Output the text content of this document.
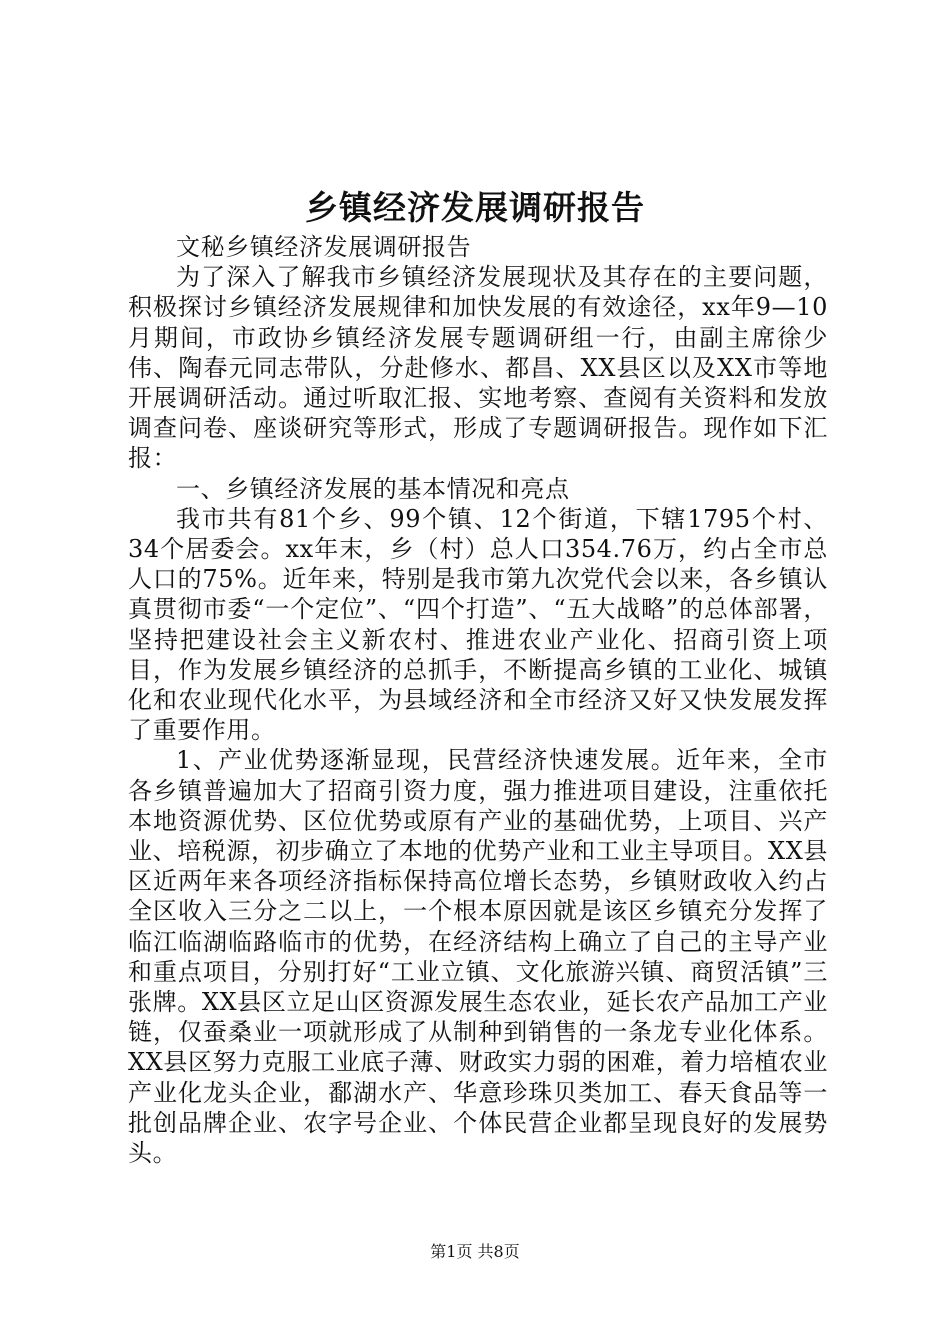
乡镇经济发展调研报告

文秘乡镇经济发展调研报告

为了深入了解我市乡镇经济发展现状及其存在的主要问题，积极探讨乡镇经济发展规律和加快发展的有效途径，xx年9—10月期间，市政协乡镇经济发展专题调研组一行，由副主席徐少伟、陶春元同志带队，分赴修水、都昌、XX县区以及XX市等地开展调研活动。通过听取汇报、实地考察、查阅有关资料和发放调查问卷、座谈研究等形式，形成了专题调研报告。现作如下汇报：

一、乡镇经济发展的基本情况和亮点

我市共有81个乡、99个镇、12个街道，下辖1795个村、34个居委会。xx年末，乡（村）总人口354.76万，约占全市总人口的75%。近年来，特别是我市第九次党代会以来，各乡镇认真贯彻市委“一个定位”、“四个打造”、“五大战略”的总体部署，坚持把建设社会主义新农村、推进农业产业化、招商引资上项目，作为发展乡镇经济的总抓手，不断提高乡镇的工业化、城镇化和农业现代化水平，为县域经济和全市经济又好又快发展发挥了重要作用。

1、产业优势逐渐显现，民营经济快速发展。近年来，全市各乡镇普遍加大了招商引资力度，强力推进项目建设，注重依托本地资源优势、区位优势或原有产业的基础优势，上项目、兴产业、培税源，初步确立了本地的优势产业和工业主导项目。XX县区近两年来各项经济指标保持高位增长态势，乡镇财政收入约占全区收入三分之二以上，一个根本原因就是该区乡镇充分发挥了临江临湖临路临市的优势，在经济结构上确立了自己的主导产业和重点项目，分别打好“工业立镇、文化旅游兴镇、商贸活镇”三张牌。XX县区立足山区资源发展生态农业，延长农产品加工产业链，仅蚕桑业一项就形成了从制种到销售的一条龙专业化体系。XX县区努力克服工业底子薄、财政实力弱的困难，着力培植农业产业化龙头企业，鄱湖水产、华意珍珠贝类加工、春天食品等一批创品牌企业、农字号企业、个体民营企业都呈现良好的发展势头。

第1页 共8页
